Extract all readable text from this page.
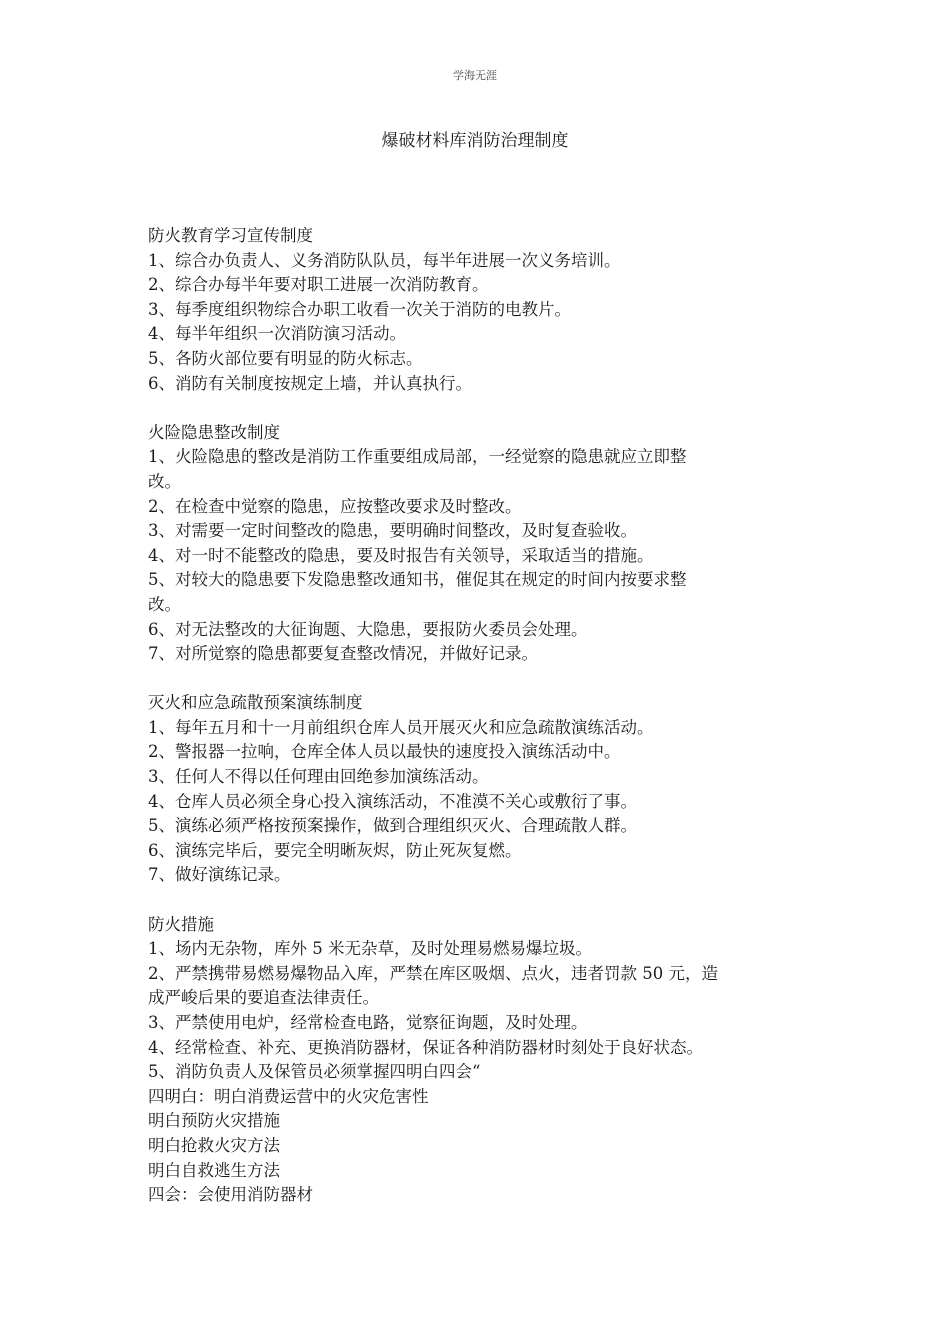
学海无涯
爆破材料库消防治理制度

防火教育学习宣传制度

1、综合办负责人、义务消防队队员，每半年进展一次义务培训。

2、综合办每半年要对职工进展一次消防教育。

3、每季度组织物综合办职工收看一次关于消防的电教片。

4、每半年组织一次消防演习活动。

5、各防火部位要有明显的防火标志。

6、消防有关制度按规定上墙，并认真执行。

火险隐患整改制度

1、火险隐患的整改是消防工作重要组成局部，一经觉察的隐患就应立即整

改。

2、在检查中觉察的隐患，应按整改要求及时整改。

3、对需要一定时间整改的隐患，要明确时间整改，及时复查验收。

4、对一时不能整改的隐患，要及时报告有关领导，采取适当的措施。

5、对较大的隐患要下发隐患整改通知书，催促其在规定的时间内按要求整

改。

6、对无法整改的大征询题、大隐患，要报防火委员会处理。

7、对所觉察的隐患都要复查整改情况，并做好记录。

灭火和应急疏散预案演练制度

1、每年五月和十一月前组织仓库人员开展灭火和应急疏散演练活动。

2、警报器一拉响，仓库全体人员以最快的速度投入演练活动中。

3、任何人不得以任何理由回绝参加演练活动。

4、仓库人员必须全身心投入演练活动，不准漠不关心或敷衍了事。

5、演练必须严格按预案操作，做到合理组织灭火、合理疏散人群。

6、演练完毕后，要完全明晰灰烬，防止死灰复燃。

7、做好演练记录。

防火措施

1、场内无杂物，库外 5 米无杂草，及时处理易燃易爆垃圾。

2、严禁携带易燃易爆物品入库，严禁在库区吸烟、点火，违者罚款 50 元，造

成严峻后果的要追查法律责任。

3、严禁使用电炉，经常检查电路，觉察征询题，及时处理。

4、经常检查、补充、更换消防器材，保证各种消防器材时刻处于良好状态。

5、消防负责人及保管员必须掌握四明白四会“

四明白：明白消费运营中的火灾危害性

明白预防火灾措施

明白抢救火灾方法

明白自救逃生方法

四会：会使用消防器材
